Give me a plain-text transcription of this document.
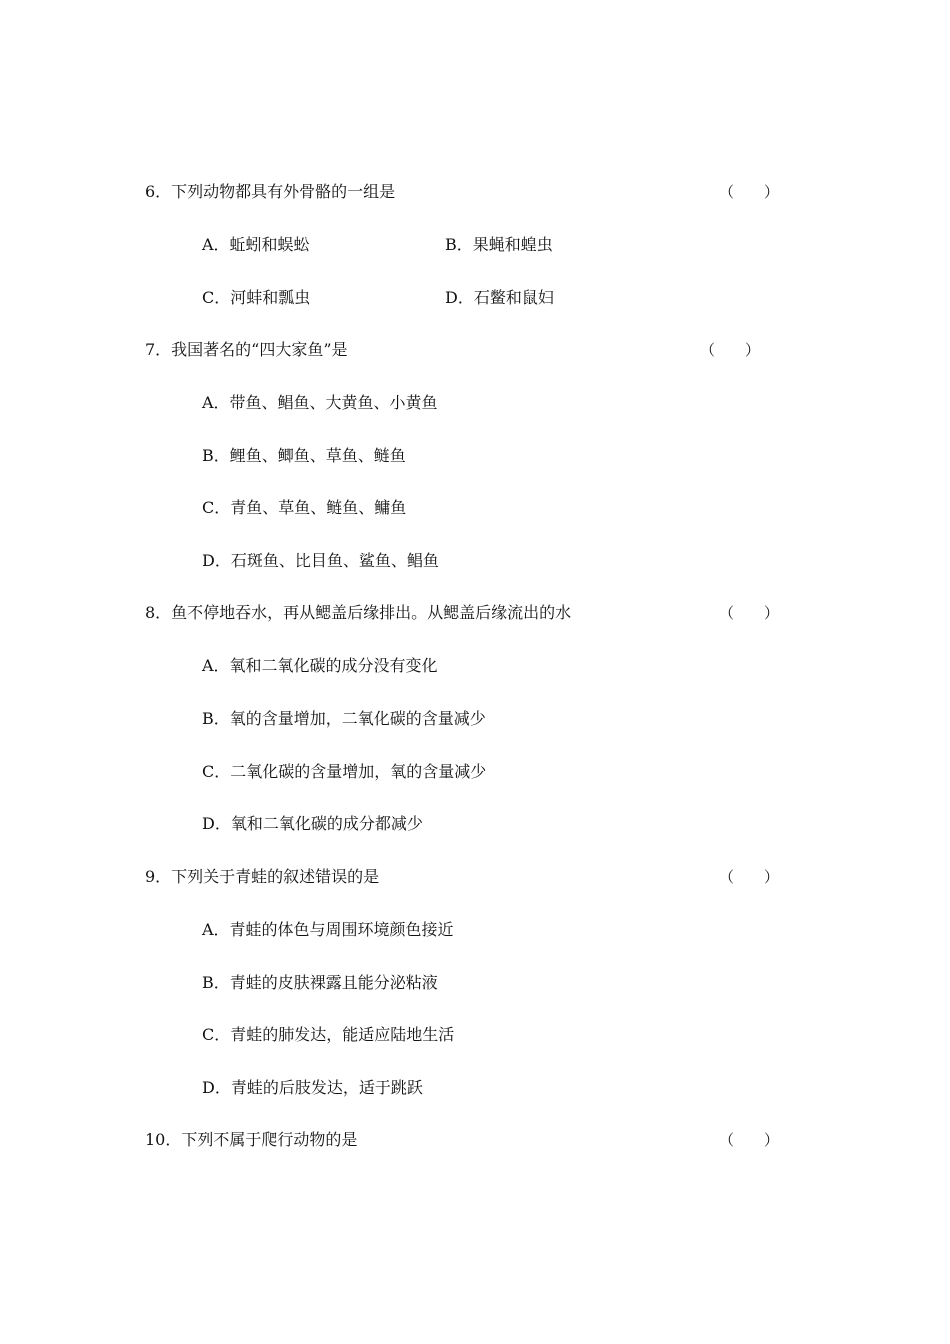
6．下列动物都具有外骨骼的一组是	（　　）
A．蚯蚓和蜈蚣	B．果蝇和蝗虫
C．河蚌和瓢虫	D．石鳖和鼠妇
7．我国著名的“四大家鱼”是	（　　）
A．带鱼、鲳鱼、大黄鱼、小黄鱼
B．鲤鱼、鲫鱼、草鱼、鲢鱼
C．青鱼、草鱼、鲢鱼、鳙鱼
D．石斑鱼、比目鱼、鲨鱼、鲳鱼
8．鱼不停地吞水，再从鳃盖后缘排出。从鳃盖后缘流出的水	（　　）
A．氧和二氧化碳的成分没有变化
B．氧的含量增加，二氧化碳的含量减少
C．二氧化碳的含量增加，氧的含量减少
D．氧和二氧化碳的成分都减少
9．下列关于青蛙的叙述错误的是	（　　）
A．青蛙的体色与周围环境颜色接近
B．青蛙的皮肤裸露且能分泌粘液
C．青蛙的肺发达，能适应陆地生活
D．青蛙的后肢发达，适于跳跃
10．下列不属于爬行动物的是	（　　）
